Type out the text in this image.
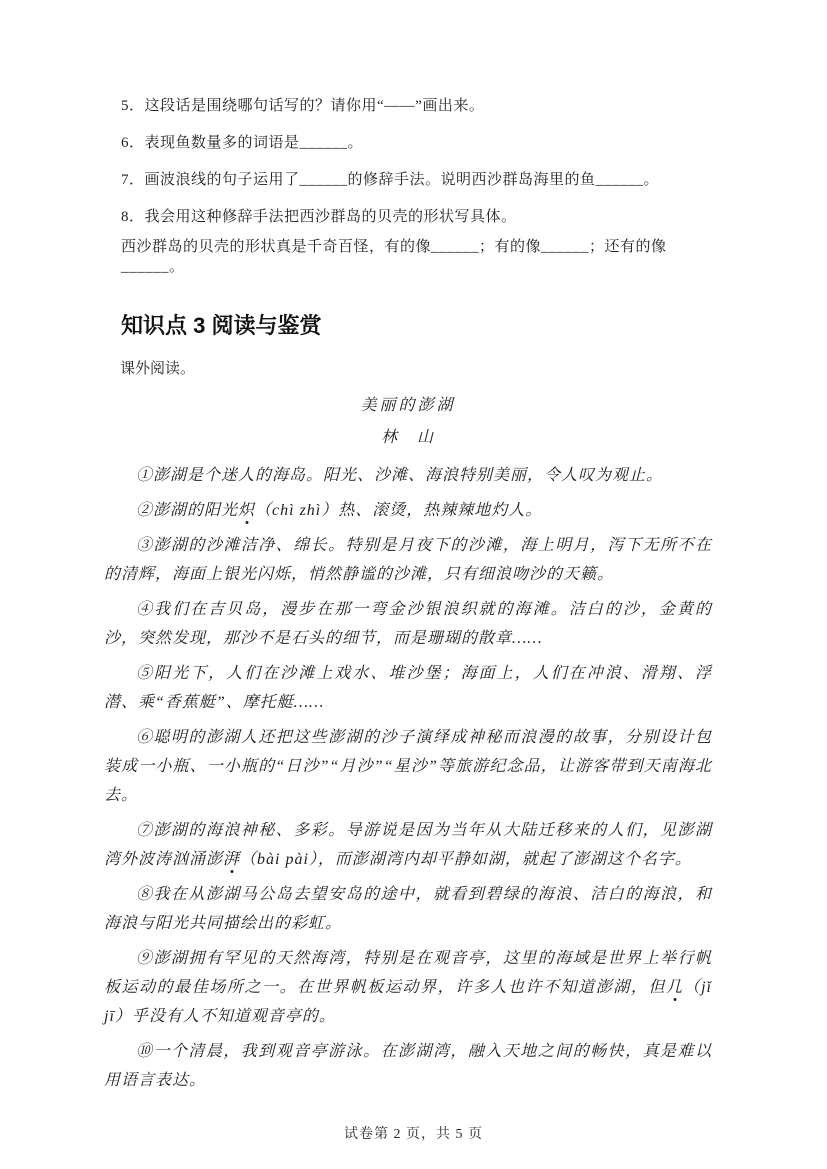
5．这段话是围绕哪句话写的？请你用“——”画出来。

6．表现鱼数量多的词语是______。

7．画波浪线的句子运用了______的修辞手法。说明西沙群岛海里的鱼______。

8．我会用这种修辞手法把西沙群岛的贝壳的形状写具体。

西沙群岛的贝壳的形状真是千奇百怪，有的像______；有的像______；还有的像______。

知识点 3 阅读与鉴赏

课外阅读。

美丽的澎湖

林　山

①澎湖是个迷人的海岛。阳光、沙滩、海浪特别美丽，令人叹为观止。

②澎湖的阳光炽（chì zhì）热、滚烫，热辣辣地灼人。

③澎湖的沙滩洁净、绵长。特别是月夜下的沙滩，海上明月，泻下无所不在的清辉，海面上银光闪烁，悄然静谧的沙滩，只有细浪吻沙的天籁。

④我们在吉贝岛，漫步在那一弯金沙银浪织就的海滩。洁白的沙，金黄的沙，突然发现，那沙不是石头的细节，而是珊瑚的散章……

⑤阳光下，人们在沙滩上戏水、堆沙堡；海面上，人们在冲浪、滑翔、浮潜、乘“香蕉艇”、摩托艇……

⑥聪明的澎湖人还把这些澎湖的沙子演绎成神秘而浪漫的故事，分别设计包装成一小瓶、一小瓶的“日沙”“月沙”“星沙”等旅游纪念品，让游客带到天南海北去。

⑦澎湖的海浪神秘、多彩。导游说是因为当年从大陆迁移来的人们，见澎湖湾外波涛汹涌澎湃（bài pài），而澎湖湾内却平静如湖，就起了澎湖这个名字。

⑧我在从澎湖马公岛去望安岛的途中，就看到碧绿的海浪、洁白的海浪，和海浪与阳光共同描绘出的彩虹。

⑨澎湖拥有罕见的天然海湾，特别是在观音亭，这里的海域是世界上举行帆板运动的最佳场所之一。在世界帆板运动界，许多人也许不知道澎湖，但几（jǐ jī）乎没有人不知道观音亭的。

⑩一个清晨，我到观音亭游泳。在澎湖湾，融入天地之间的畅快，真是难以用语言表达。

试卷第 2 页，共 5 页
